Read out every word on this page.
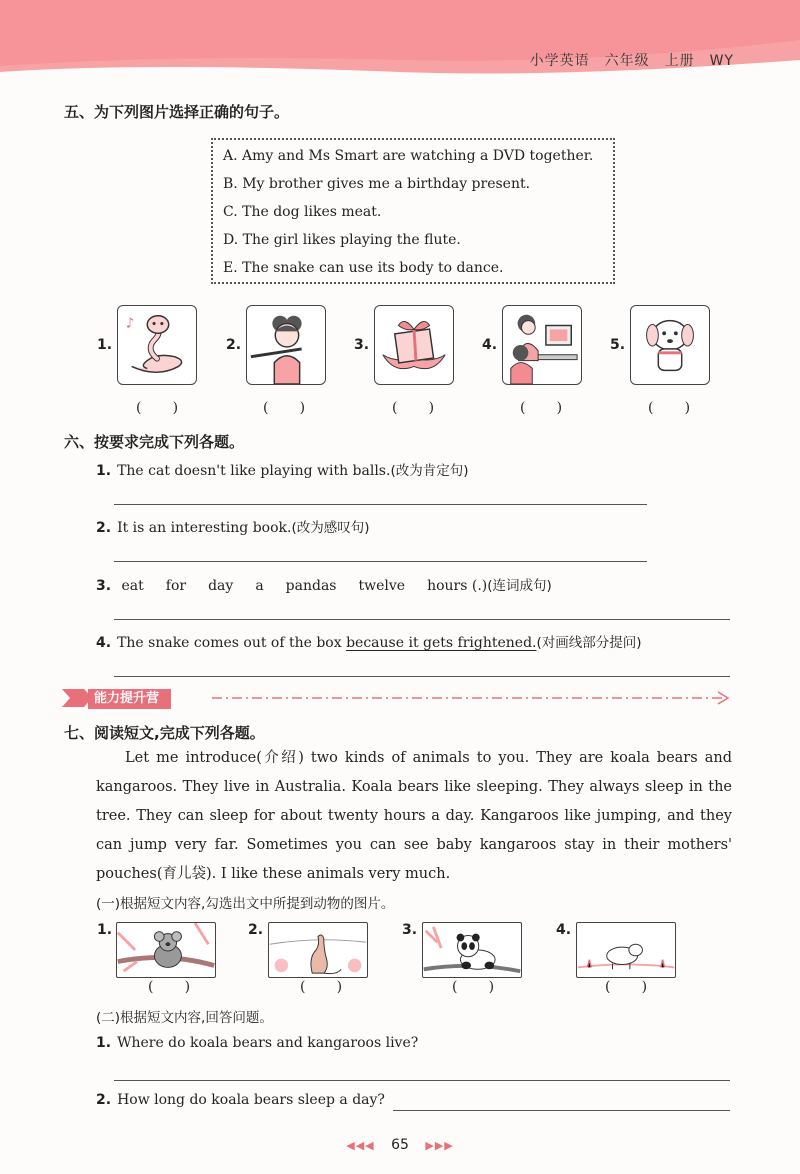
小学英语　六年级　上册　WY
五、为下列图片选择正确的句子。
A. Amy and Ms Smart are watching a DVD together.
B. My brother gives me a birthday present.
C. The dog likes meat.
D. The girl likes playing the flute.
E. The snake can use its body to dance.
1.
♪
(       )
2.
(       )
3.
(       )
4.
(       )
5.
(       )
六、按要求完成下列各题。
1. The cat doesn't like playing with balls.(改为肯定句)
2. It is an interesting book.(改为感叹句)
3. eat for day a pandas twelve hours (.)(连词成句)
4. The snake comes out of the box because it gets frightened.(对画线部分提问)
能力提升营
七、阅读短文,完成下列各题。

Let me introduce(介绍) two kinds of animals to you. They are koala bears and kangaroos. They live in Australia. Koala bears like sleeping. They always sleep in the tree. They can sleep for about twenty hours a day. Kangaroos like jumping, and they can jump very far. Sometimes you can see baby kangaroos stay in their mothers' pouches(育儿袋). I like these animals very much.

(一)根据短文内容,勾选出文中所提到动物的图片。
1.
(       )
2.
(       )
3.
(       )
4.
(       )
(二)根据短文内容,回答问题。
1. Where do koala bears and kangaroos live?
2. How long do koala bears sleep a day?
◀◀◀ 65 ▶▶▶
